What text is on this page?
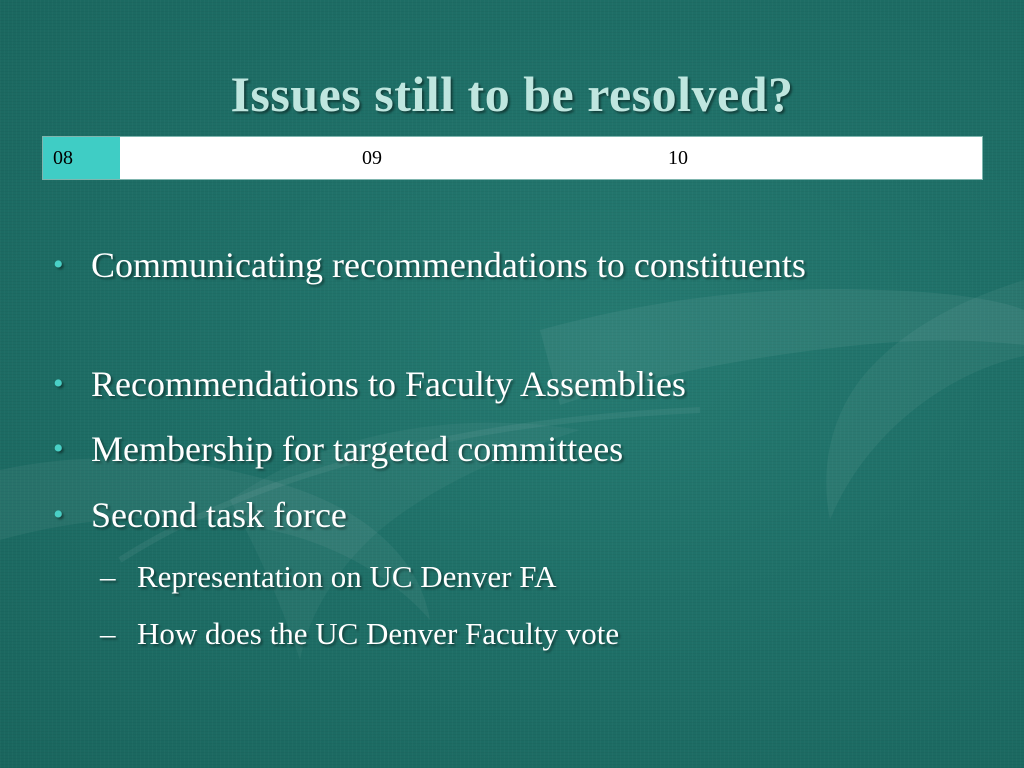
Issues still to be resolved?
08	09	10
• Communicating recommendations to constituents
• Recommendations to Faculty Assemblies
• Membership for targeted committees
• Second task force
– Representation on UC Denver FA
– How does the UC Denver Faculty vote
